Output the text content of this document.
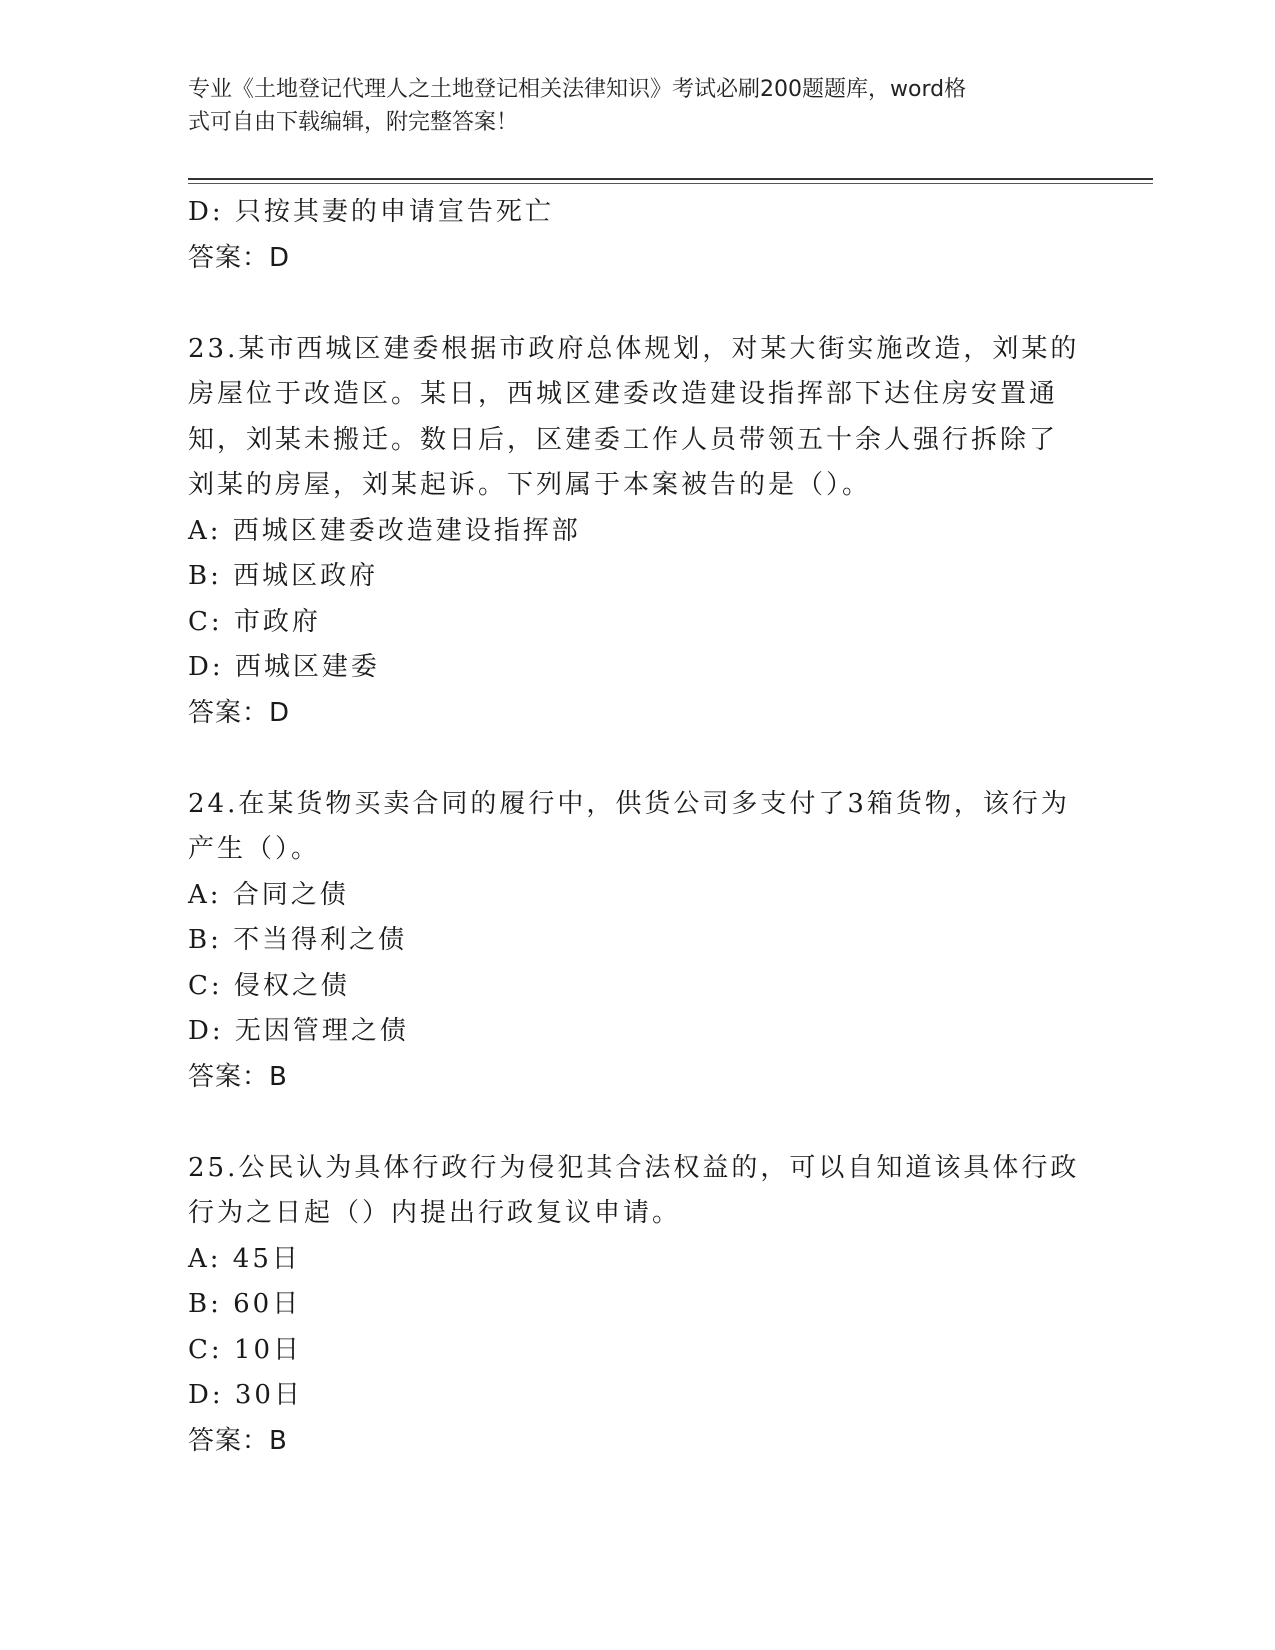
专业《土地登记代理人之土地登记相关法律知识》考试必刷200题题库，word格
式可自由下载编辑，附完整答案！
D: 只按其妻的申请宣告死亡
答案：D
23.某市西城区建委根据市政府总体规划，对某大街实施改造，刘某的
房屋位于改造区。某日，西城区建委改造建设指挥部下达住房安置通
知，刘某未搬迁。数日后，区建委工作人员带领五十余人强行拆除了
刘某的房屋，刘某起诉。下列属于本案被告的是（）。
A: 西城区建委改造建设指挥部
B: 西城区政府
C: 市政府
D: 西城区建委
答案：D
24.在某货物买卖合同的履行中，供货公司多支付了3箱货物，该行为
产生（）。
A: 合同之债
B: 不当得利之债
C: 侵权之债
D: 无因管理之债
答案：B
25.公民认为具体行政行为侵犯其合法权益的，可以自知道该具体行政
行为之日起（）内提出行政复议申请。
A: 45日
B: 60日
C: 10日
D: 30日
答案：B
